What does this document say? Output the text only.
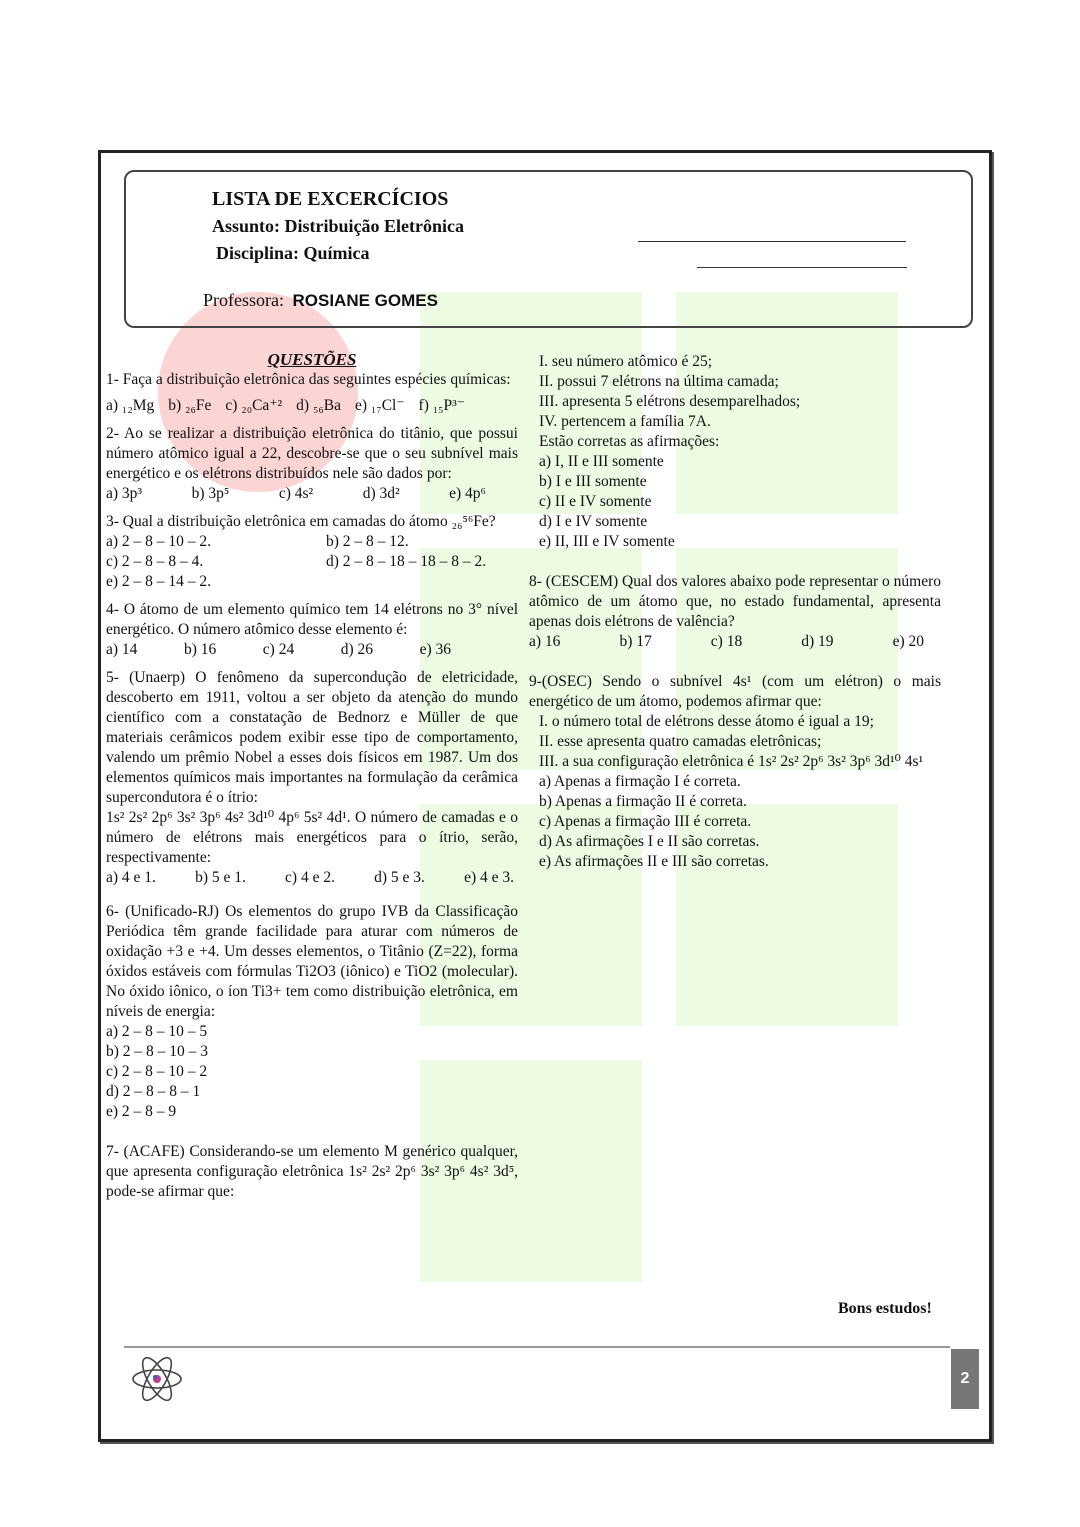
LISTA DE EXCERCÍCIOS
Assunto: Distribuição Eletrônica
Disciplina: Química
Professora: ROSIANE GOMES
QUESTÕES

1- Faça a distribuição eletrônica das seguintes espécies químicas:

a) ₁₂Mg b) ₂₆Fe c) ₂₀Ca⁺² d) ₅₆Ba e) ₁₇Cl⁻ f) ₁₅P³⁻

2- Ao se realizar a distribuição eletrônica do titânio, que possui número atômico igual a 22, descobre-se que o seu subnível mais energético e os elétrons distribuídos nele são dados por:

a) 3p³	b) 3p⁵	c) 4s²	d) 3d²	e) 4p⁶

3- Qual a distribuição eletrônica em camadas do átomo ₂₆⁵⁶Fe?

a) 2 – 8 – 10 – 2.	b) 2 – 8 – 12.
c) 2 – 8 – 8 – 4.	d) 2 – 8 – 18 – 18 – 8 – 2.
e) 2 – 8 – 14 – 2.

4- O átomo de um elemento químico tem 14 elétrons no 3° nível energético. O número atômico desse elemento é:

a) 14	b) 16	c) 24	d) 26	e) 36

5- (Unaerp) O fenômeno da supercondução de eletricidade, descoberto em 1911, voltou a ser objeto da atenção do mundo científico com a constatação de Bednorz e Müller de que materiais cerâmicos podem exibir esse tipo de comportamento, valendo um prêmio Nobel a esses dois físicos em 1987. Um dos elementos químicos mais importantes na formulação da cerâmica supercondutora é o ítrio:

1s² 2s² 2p⁶ 3s² 3p⁶ 4s² 3d¹⁰ 4p⁶ 5s² 4d¹. O número de camadas e o número de elétrons mais energéticos para o ítrio, serão, respectivamente:

a) 4 e 1.	b) 5 e 1.	c) 4 e 2.	d) 5 e 3.	e) 4 e 3.

6- (Unificado-RJ) Os elementos do grupo IVB da Classificação Periódica têm grande facilidade para aturar com números de oxidação +3 e +4. Um desses elementos, o Titânio (Z=22), forma óxidos estáveis com fórmulas Ti2O3 (iônico) e TiO2 (molecular). No óxido iônico, o íon Ti3+ tem como distribuição eletrônica, em níveis de energia:

a) 2 – 8 – 10 – 5
b) 2 – 8 – 10 – 3
c) 2 – 8 – 10 – 2
d) 2 – 8 – 8 – 1
e) 2 – 8 – 9

7- (ACAFE) Considerando-se um elemento M genérico qualquer, que apresenta configuração eletrônica 1s² 2s² 2p⁶ 3s² 3p⁶ 4s² 3d⁵, pode-se afirmar que:

I. seu número atômico é 25;
II. possui 7 elétrons na última camada;
III. apresenta 5 elétrons desemparelhados;
IV. pertencem a família 7A.
Estão corretas as afirmações:
a) I, II e III somente
b) I e III somente
c) II e IV somente
d) I e IV somente
e) II, III e IV somente

8- (CESCEM) Qual dos valores abaixo pode representar o número atômico de um átomo que, no estado fundamental, apresenta apenas dois elétrons de valência?

a) 16	b) 17	c) 18	d) 19	e) 20

9-(OSEC) Sendo o subnível 4s¹ (com um elétron) o mais energético de um átomo, podemos afirmar que:

I. o número total de elétrons desse átomo é igual a 19;
II. esse apresenta quatro camadas eletrônicas;
III. a sua configuração eletrônica é 1s² 2s² 2p⁶ 3s² 3p⁶ 3d¹⁰ 4s¹
a) Apenas a firmação I é correta.
b) Apenas a firmação II é correta.
c) Apenas a firmação III é correta.
d) As afirmações I e II são corretas.
e) As afirmações II e III são corretas.
Bons estudos!
2
